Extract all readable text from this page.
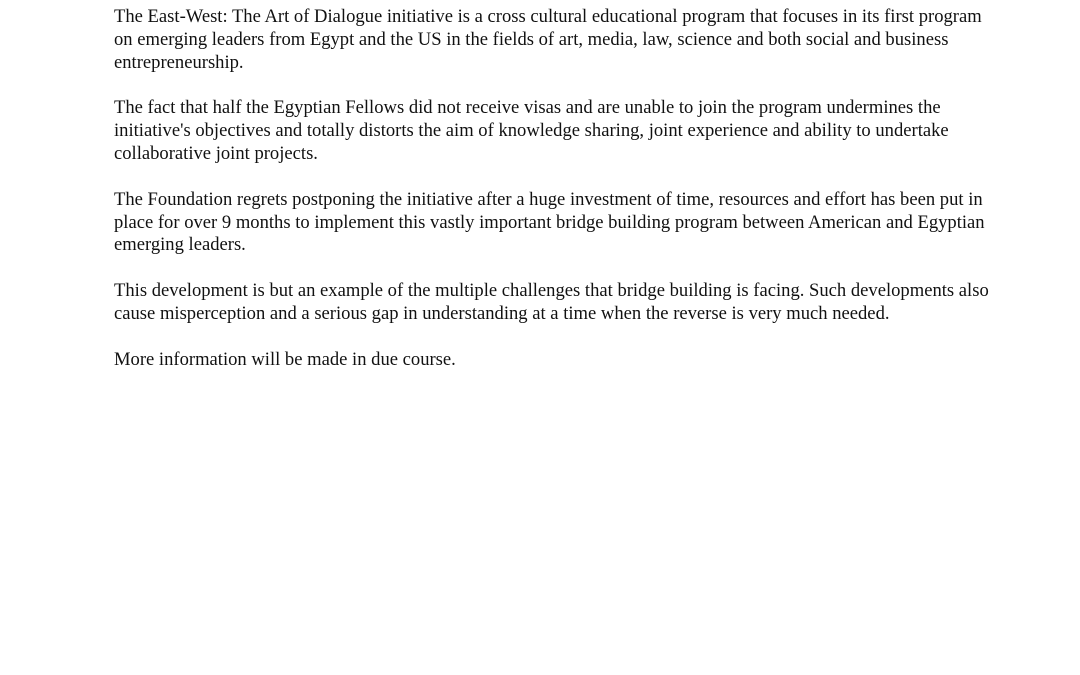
The East-West: The Art of Dialogue initiative is a cross cultural educational program that focuses in its first program on emerging leaders from Egypt and the US in the fields of art, media, law, science and both social and business entrepreneurship.

The fact that half the Egyptian Fellows did not receive visas and are unable to join the program undermines the initiative's objectives and totally distorts the aim of knowledge sharing, joint experience and ability to undertake collaborative joint projects.

The Foundation regrets postponing the initiative after a huge investment of time, resources and effort has been put in place for over 9 months to implement this vastly important bridge building program between American and Egyptian emerging leaders.

This development is but an example of the multiple challenges that bridge building is facing. Such developments also cause misperception and a serious gap in understanding at a time when the reverse is very much needed.

More information will be made in due course.
